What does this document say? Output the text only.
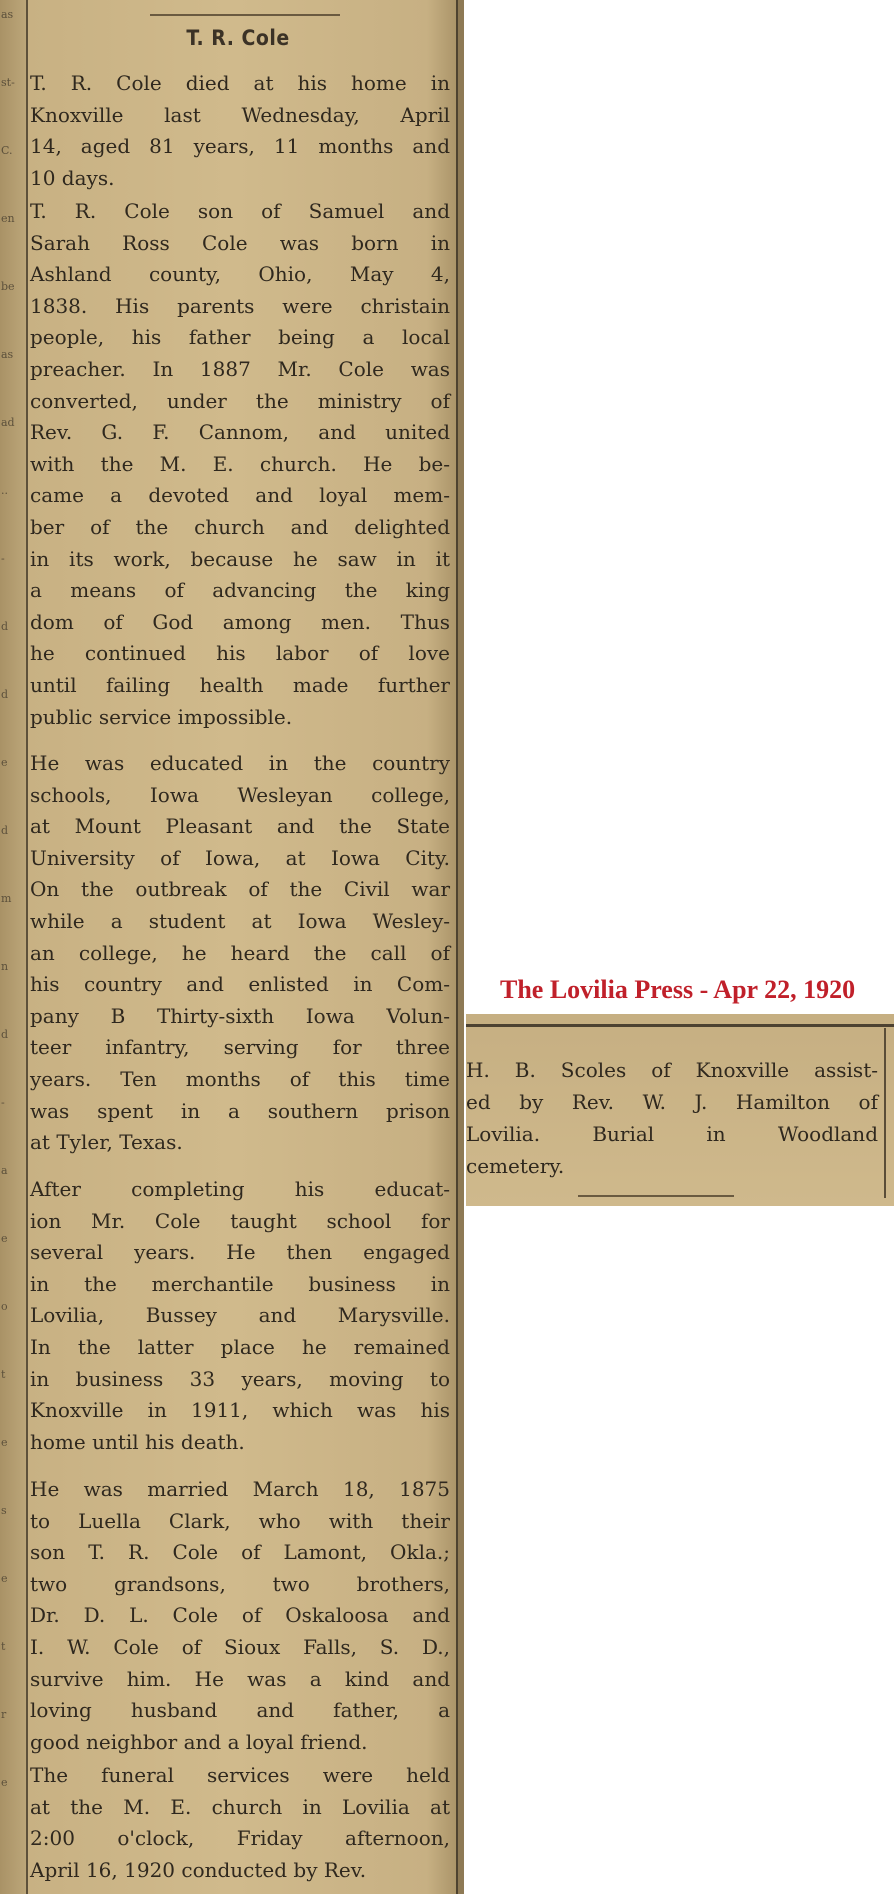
as
st-
C.
en
be
as
ad
..
-
d
d
e
d
m
n
d
-
a
e
o
t
e
s
e
t
r
e
T. R. Cole
T. R. Cole died at his home in
Knoxville last Wednesday, April
14, aged 81 years, 11 months and
10 days.
T. R. Cole son of Samuel and
Sarah Ross Cole was born in
Ashland county, Ohio, May 4,
1838. His parents were christain
people, his father being a local
preacher. In 1887 Mr. Cole was
converted, under the ministry of
Rev. G. F. Cannom, and united
with the M. E. church. He be-
came a devoted and loyal mem-
ber of the church and delighted
in its work, because he saw in it
a means of advancing the king
dom of God among men. Thus
he continued his labor of love
until failing health made further
public service impossible.
He was educated in the country
schools, Iowa Wesleyan college,
at Mount Pleasant and the State
University of Iowa, at Iowa City.
On the outbreak of the Civil war
while a student at Iowa Wesley-
an college, he heard the call of
his country and enlisted in Com-
pany B Thirty-sixth Iowa Volun-
teer infantry, serving for three
years. Ten months of this time
was spent in a southern prison
at Tyler, Texas.
After completing his educat-
ion Mr. Cole taught school for
several years. He then engaged
in the merchantile business in
Lovilia, Bussey and Marysville.
In the latter place he remained
in business 33 years, moving to
Knoxville in 1911, which was his
home until his death.
He was married March 18, 1875
to Luella Clark, who with their
son T. R. Cole of Lamont, Okla.;
two grandsons, two brothers,
Dr. D. L. Cole of Oskaloosa and
I. W. Cole of Sioux Falls, S. D.,
survive him. He was a kind and
loving husband and father, a
good neighbor and a loyal friend.
The funeral services were held
at the M. E. church in Lovilia at
2:00 o'clock, Friday afternoon,
April 16, 1920 conducted by Rev.
The Lovilia Press - Apr 22, 1920
H. B. Scoles of Knoxville assist-
ed by Rev. W. J. Hamilton of
Lovilia. Burial in Woodland
cemetery.
